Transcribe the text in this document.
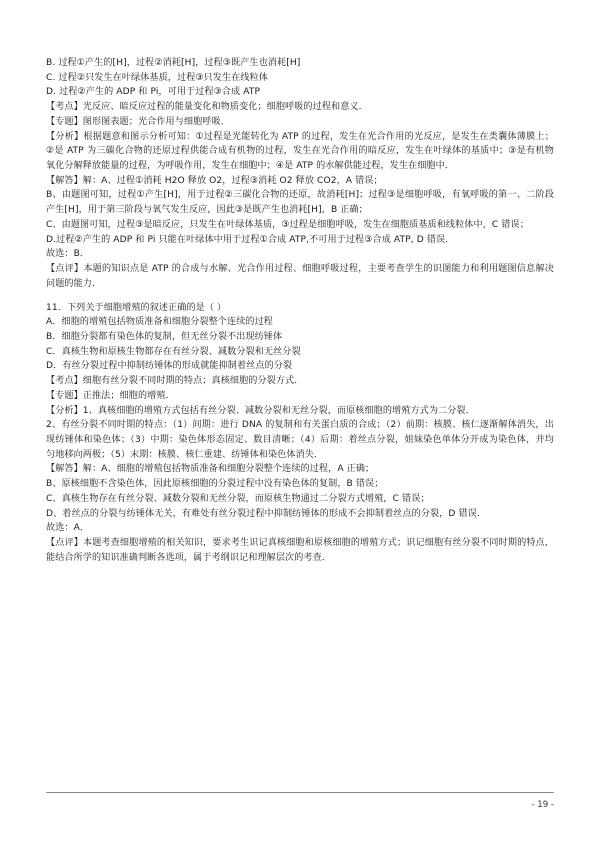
B. 过程①产生的[H]，过程②消耗[H]，过程③既产生也消耗[H]

C. 过程②只发生在叶绿体基质，过程③只发生在线粒体

D. 过程②产生的 ADP 和 Pi，可用于过程③合成 ATP

【考点】光反应、暗反应过程的能量变化和物质变化；细胞呼吸的过程和意义．

【专题】图形图表题；光合作用与细胞呼吸．

【分析】根据题意和图示分析可知：①过程是光能转化为 ATP 的过程，发生在光合作用的光反应，是发生在类囊体薄膜上；②是 ATP 为三碳化合物的还原过程供能合成有机物的过程，发生在光合作用的暗反应，发生在叶绿体的基质中；③是有机物氧化分解释放能量的过程，为呼吸作用，发生在细胞中；④是 ATP 的水解供能过程，发生在细胞中．

【解答】解：A、过程①消耗 H2O 释放 O2，过程③消耗 O2 释放 CO2，A 错误；

B、由题图可知，过程①产生[H]，用于过程②三碳化合物的还原，故消耗[H]；过程③是细胞呼吸，有氧呼吸的第一、二阶段产生[H]，用于第三阶段与氧气发生反应，因此③是既产生也消耗[H]，B 正确；

C、由题图可知，过程③是暗反应，只发生在叶绿体基质，③过程是细胞呼吸，发生在细胞质基质和线粒体中，C 错误；

D.过程②产生的 ADP 和 Pi 只能在叶绿体中用于过程①合成 ATP,不可用于过程③合成 ATP, D 错误．

故选：B．

【点评】本题的知识点是 ATP 的合成与水解、光合作用过程、细胞呼吸过程，主要考查学生的识图能力和利用题图信息解决问题的能力．

11．下列关于细胞增殖的叙述正确的是（ ）

A．细胞的增殖包括物质准备和细胞分裂整个连续的过程

B．细胞分裂都有染色体的复制，但无丝分裂不出现纺锤体

C．真核生物和原核生物都存在有丝分裂、减数分裂和无丝分裂

D．有丝分裂过程中抑制纺锤体的形成就能抑制着丝点的分裂

【考点】细胞有丝分裂不同时期的特点；真核细胞的分裂方式．

【专题】正推法；细胞的增殖．

【分析】1、真核细胞的增殖方式包括有丝分裂、减数分裂和无丝分裂，而原核细胞的增殖方式为二分裂．

2、有丝分裂不同时期的特点：（1）间期：进行 DNA 的复制和有关蛋白质的合成；（2）前期：核膜、核仁逐渐解体消失，出现纺锤体和染色体；（3）中期：染色体形态固定、数目清晰；（4）后期：着丝点分裂，姐妹染色单体分开成为染色体，并均匀地移向两极；（5）末期：核膜、核仁重建、纺锤体和染色体消失．

【解答】解：A、细胞的增殖包括物质准备和细胞分裂整个连续的过程，A 正确；

B、原核细胞不含染色体，因此原核细胞的分裂过程中没有染色体的复制，B 错误；

C、真核生物存在有丝分裂、减数分裂和无丝分裂，而原核生物通过二分裂方式增殖，C 错误；

D、着丝点的分裂与纺锤体无关，有难处有丝分裂过程中抑制纺锤体的形成不会抑制着丝点的分裂，D 错误．

故选：A．

【点评】本题考查细胞增殖的相关知识，要求考生识记真核细胞和原核细胞的增殖方式；识记细胞有丝分裂不同时期的特点，能结合所学的知识准确判断各选项，属于考纲识记和理解层次的考查．

- 19 -
